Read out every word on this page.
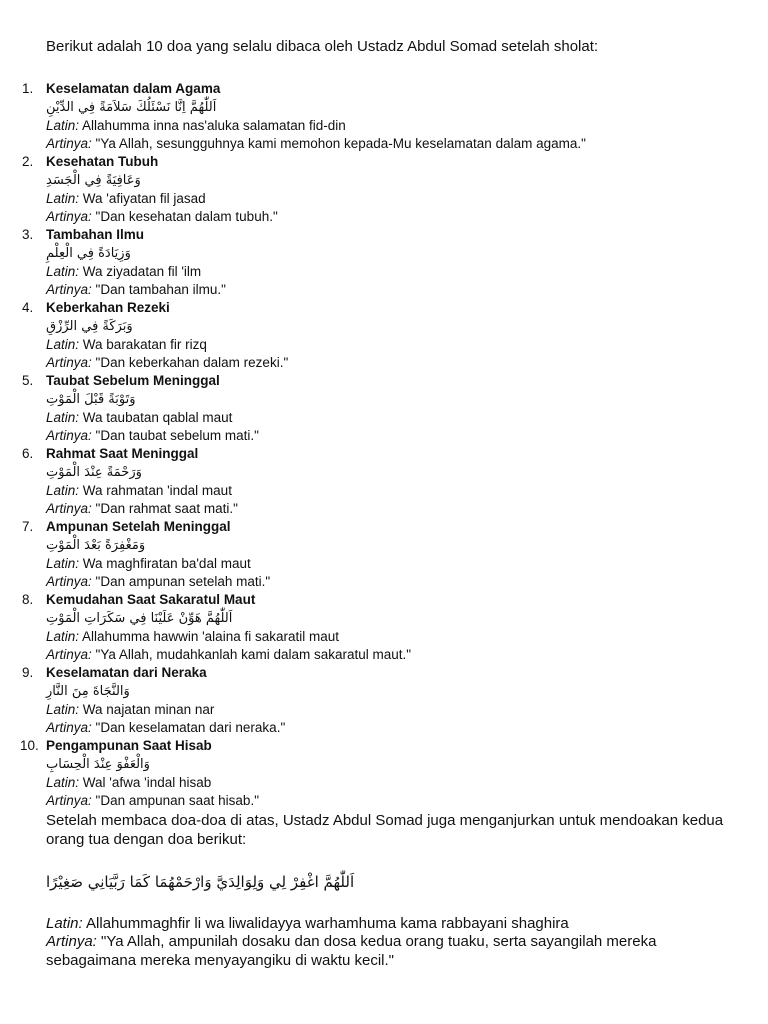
Berikut adalah 10 doa yang selalu dibaca oleh Ustadz Abdul Somad setelah sholat:
1. Keselamatan dalam Agama
اَللّٰهُمَّ اِنَّا نَسْئَلُكَ سَلاَمَةً فِي الدِّيْنِ
Latin: Allahumma inna nas'aluka salamatan fid-din
Artinya: "Ya Allah, sesungguhnya kami memohon kepada-Mu keselamatan dalam agama."
2. Kesehatan Tubuh
وَعَافِيَةً فِي الْجَسَدِ
Latin: Wa 'afiyatan fil jasad
Artinya: "Dan kesehatan dalam tubuh."
3. Tambahan Ilmu
وَزِيَادَةً فِي الْعِلْمِ
Latin: Wa ziyadatan fil 'ilm
Artinya: "Dan tambahan ilmu."
4. Keberkahan Rezeki
وَبَرَكَةً فِي الرِّزْقِ
Latin: Wa barakatan fir rizq
Artinya: "Dan keberkahan dalam rezeki."
5. Taubat Sebelum Meninggal
وَتَوْبَةً قَبْلَ الْمَوْتِ
Latin: Wa taubatan qablal maut
Artinya: "Dan taubat sebelum mati."
6. Rahmat Saat Meninggal
وَرَحْمَةً عِنْدَ الْمَوْتِ
Latin: Wa rahmatan 'indal maut
Artinya: "Dan rahmat saat mati."
7. Ampunan Setelah Meninggal
وَمَغْفِرَةً بَعْدَ الْمَوْتِ
Latin: Wa maghfiratan ba'dal maut
Artinya: "Dan ampunan setelah mati."
8. Kemudahan Saat Sakaratul Maut
اَللّٰهُمَّ هَوِّنْ عَلَيْنَا فِي سَكَرَاتِ الْمَوْتِ
Latin: Allahumma hawwin 'alaina fi sakaratil maut
Artinya: "Ya Allah, mudahkanlah kami dalam sakaratul maut."
9. Keselamatan dari Neraka
وَالنَّجَاةَ مِنَ النَّارِ
Latin: Wa najatan minan nar
Artinya: "Dan keselamatan dari neraka."
10. Pengampunan Saat Hisab
وَالْعَفْوَ عِنْدَ الْحِسَابِ
Latin: Wal 'afwa 'indal hisab
Artinya: "Dan ampunan saat hisab."
Setelah membaca doa-doa di atas, Ustadz Abdul Somad juga menganjurkan untuk mendoakan kedua orang tua dengan doa berikut:
اَللّٰهُمَّ اغْفِرْ لِي وَلِوَالِدَيَّ وَارْحَمْهُمَا كَمَا رَبَّيَانِي صَغِيْرًا
Latin: Allahummaghfir li wa liwalidayya warhamhuma kama rabbayani shaghira
Artinya: "Ya Allah, ampunilah dosaku dan dosa kedua orang tuaku, serta sayangilah mereka sebagaimana mereka menyayangiku di waktu kecil."
